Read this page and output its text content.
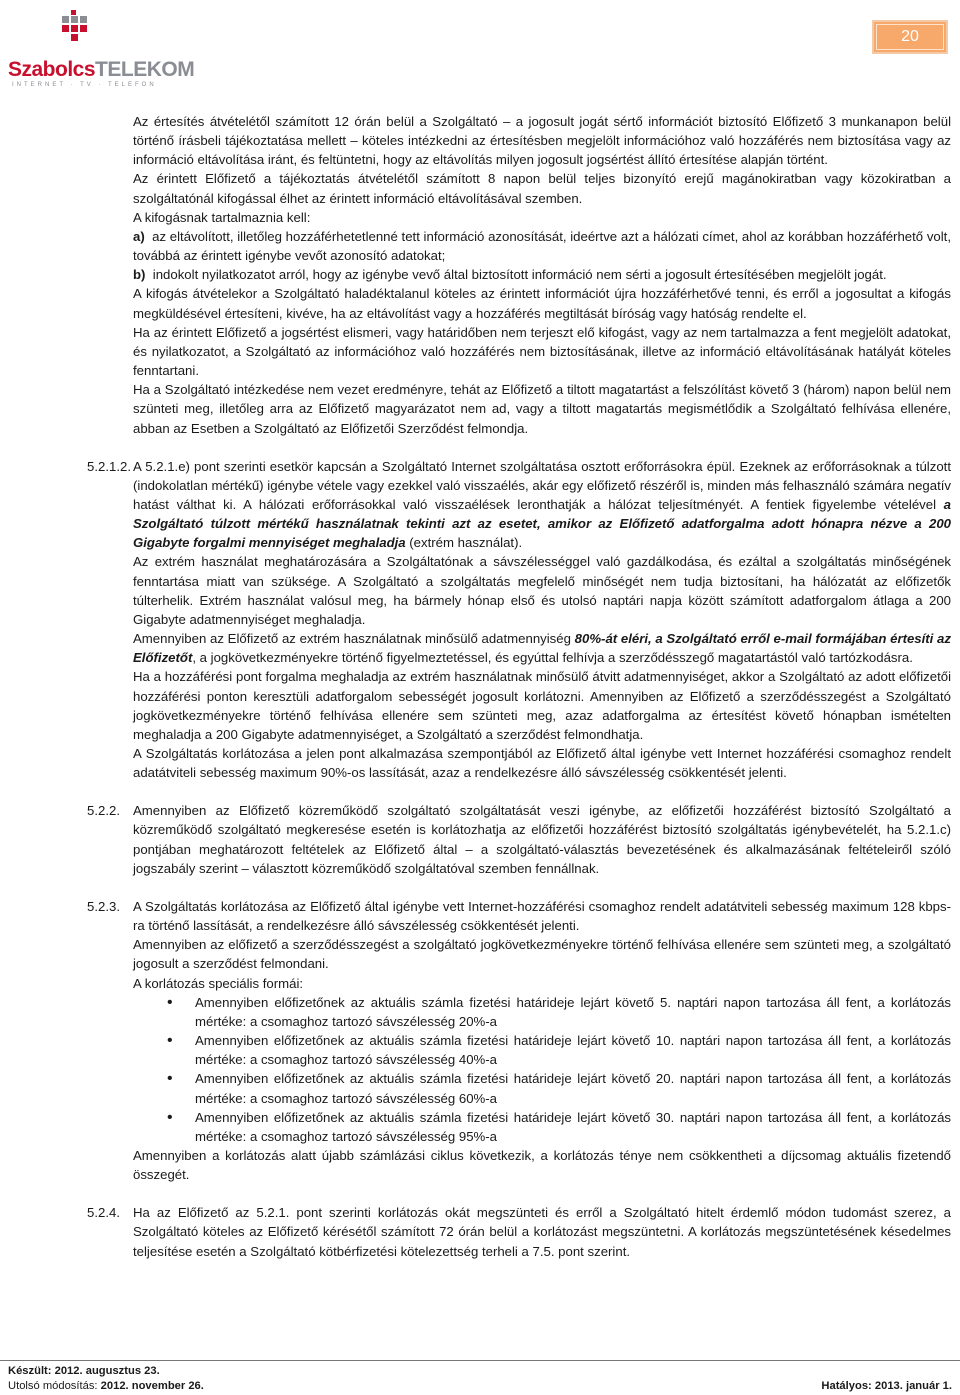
SzabolcsTELEKOM
INTERNET · TV · TELEFON
20
Az értesítés átvételétől számított 12 órán belül a Szolgáltató – a jogosult jogát sértő információt biztosító Előfizető 3 munkanapon belül történő írásbeli tájékoztatása mellett – köteles intézkedni az értesítésben megjelölt információhoz való hozzáférés nem biztosítása vagy az információ eltávolítása iránt, és feltüntetni, hogy az eltávolítás milyen jogosult jogsértést állító értesítése alapján történt.
Az érintett Előfizető a tájékoztatás átvételétől számított 8 napon belül teljes bizonyító erejű magánokiratban vagy közokiratban a szolgáltatónál kifogással élhet az érintett információ eltávolításával szemben.
A kifogásnak tartalmaznia kell:
a) az eltávolított, illetőleg hozzáférhetetlenné tett információ azonosítását, ideértve azt a hálózati címet, ahol az korábban hozzáférhető volt, továbbá az érintett igénybe vevőt azonosító adatokat;
b) indokolt nyilatkozatot arról, hogy az igénybe vevő által biztosított információ nem sérti a jogosult értesítésében megjelölt jogát.
A kifogás átvételekor a Szolgáltató haladéktalanul köteles az érintett információt újra hozzáférhetővé tenni, és erről a jogosultat a kifogás megküldésével értesíteni, kivéve, ha az eltávolítást vagy a hozzáférés megtiltását bíróság vagy hatóság rendelte el.
Ha az érintett Előfizető a jogsértést elismeri, vagy határidőben nem terjeszt elő kifogást, vagy az nem tartalmazza a fent megjelölt adatokat, és nyilatkozatot, a Szolgáltató az információhoz való hozzáférés nem biztosításának, illetve az információ eltávolításának hatályát köteles fenntartani.
Ha a Szolgáltató intézkedése nem vezet eredményre, tehát az Előfizető a tiltott magatartást a felszólítást követő 3 (három) napon belül nem szünteti meg, illetőleg arra az Előfizető magyarázatot nem ad, vagy a tiltott magatartás megismétlődik a Szolgáltató felhívása ellenére, abban az Esetben a Szolgáltató az Előfizetői Szerződést felmondja.
5.2.1.2. A 5.2.1.e) pont szerinti esetkör kapcsán a Szolgáltató Internet szolgáltatása osztott erőforrásokra épül. Ezeknek az erőforrásoknak a túlzott (indokolatlan mértékű) igénybe vétele vagy ezekkel való visszaélés, akár egy előfizető részéről is, minden más felhasználó számára negatív hatást válthat ki. A hálózati erőforrásokkal való visszaélések leronthatják a hálózat teljesítményét. A fentiek figyelembe vételével a Szolgáltató túlzott mértékű használatnak tekinti azt az esetet, amikor az Előfizető adatforgalma adott hónapra nézve a 200 Gigabyte forgalmi mennyiséget meghaladja (extrém használat).
Az extrém használat meghatározására a Szolgáltatónak a sávszélességgel való gazdálkodása, és ezáltal a szolgáltatás minőségének fenntartása miatt van szüksége. A Szolgáltató a szolgáltatás megfelelő minőségét nem tudja biztosítani, ha hálózatát az előfizetők túlterhelik. Extrém használat valósul meg, ha bármely hónap első és utolsó naptári napja között számított adatforgalom átlaga a 200 Gigabyte adatmennyiséget meghaladja.
Amennyiben az Előfizető az extrém használatnak minősülő adatmennyiség 80%-át eléri, a Szolgáltató erről e-mail formájában értesíti az Előfizetőt, a jogkövetkezményekre történő figyelmeztetéssel, és egyúttal felhívja a szerződésszegő magatartástól való tartózkodásra.
Ha a hozzáférési pont forgalma meghaladja az extrém használatnak minősülő átvitt adatmennyiséget, akkor a Szolgáltató az adott előfizetői hozzáférési ponton keresztüli adatforgalom sebességét jogosult korlátozni. Amennyiben az Előfizető a szerződésszegést a Szolgáltató jogkövetkezményekre történő felhívása ellenére sem szünteti meg, azaz adatforgalma az értesítést követő hónapban ismételten meghaladja a 200 Gigabyte adatmennyiséget, a Szolgáltató a szerződést felmondhatja.
A Szolgáltatás korlátozása a jelen pont alkalmazása szempontjából az Előfizető által igénybe vett Internet hozzáférési csomaghoz rendelt adatátviteli sebesség maximum 90%-os lassítását, azaz a rendelkezésre álló sávszélesség csökkentését jelenti.
5.2.2. Amennyiben az Előfizető közreműködő szolgáltató szolgáltatását veszi igénybe, az előfizetői hozzáférést biztosító Szolgáltató a közreműködő szolgáltató megkeresése esetén is korlátozhatja az előfizetői hozzáférést biztosító szolgáltatás igénybevételét, ha 5.2.1.c) pontjában meghatározott feltételek az Előfizető által – a szolgáltató-választás bevezetésének és alkalmazásának feltételeiről szóló jogszabály szerint – választott közreműködő szolgáltatóval szemben fennállnak.
5.2.3. A Szolgáltatás korlátozása az Előfizető által igénybe vett Internet-hozzáférési csomaghoz rendelt adatátviteli sebesség maximum 128 kbps-ra történő lassítását, a rendelkezésre álló sávszélesség csökkentését jelenti.
Amennyiben az előfizető a szerződésszegést a szolgáltató jogkövetkezményekre történő felhívása ellenére sem szünteti meg, a szolgáltató jogosult a szerződést felmondani.
A korlátozás speciális formái:
• Amennyiben előfizetőnek az aktuális számla fizetési határideje lejárt követő 5. naptári napon tartozása áll fent, a korlátozás mértéke: a csomaghoz tartozó sávszélesség 20%-a
• Amennyiben előfizetőnek az aktuális számla fizetési határideje lejárt követő 10. naptári napon tartozása áll fent, a korlátozás mértéke: a csomaghoz tartozó sávszélesség 40%-a
• Amennyiben előfizetőnek az aktuális számla fizetési határideje lejárt követő 20. naptári napon tartozása áll fent, a korlátozás mértéke: a csomaghoz tartozó sávszélesség 60%-a
• Amennyiben előfizetőnek az aktuális számla fizetési határideje lejárt követő 30. naptári napon tartozása áll fent, a korlátozás mértéke: a csomaghoz tartozó sávszélesség 95%-a
Amennyiben a korlátozás alatt újabb számlázási ciklus következik, a korlátozás ténye nem csökkentheti a díjcsomag aktuális fizetendő összegét.
5.2.4. Ha az Előfizető az 5.2.1. pont szerinti korlátozás okát megszünteti és erről a Szolgáltató hitelt érdemlő módon tudomást szerez, a Szolgáltató köteles az Előfizető kérésétől számított 72 órán belül a korlátozást megszüntetni. A korlátozás megszüntetésének késedelmes teljesítése esetén a Szolgáltató kötbérfizetési kötelezettség terheli a 7.5. pont szerint.
Készült: 2012. augusztus 23.
Utolsó módosítás: 2012. november 26.	Hatályos: 2013. január 1.
